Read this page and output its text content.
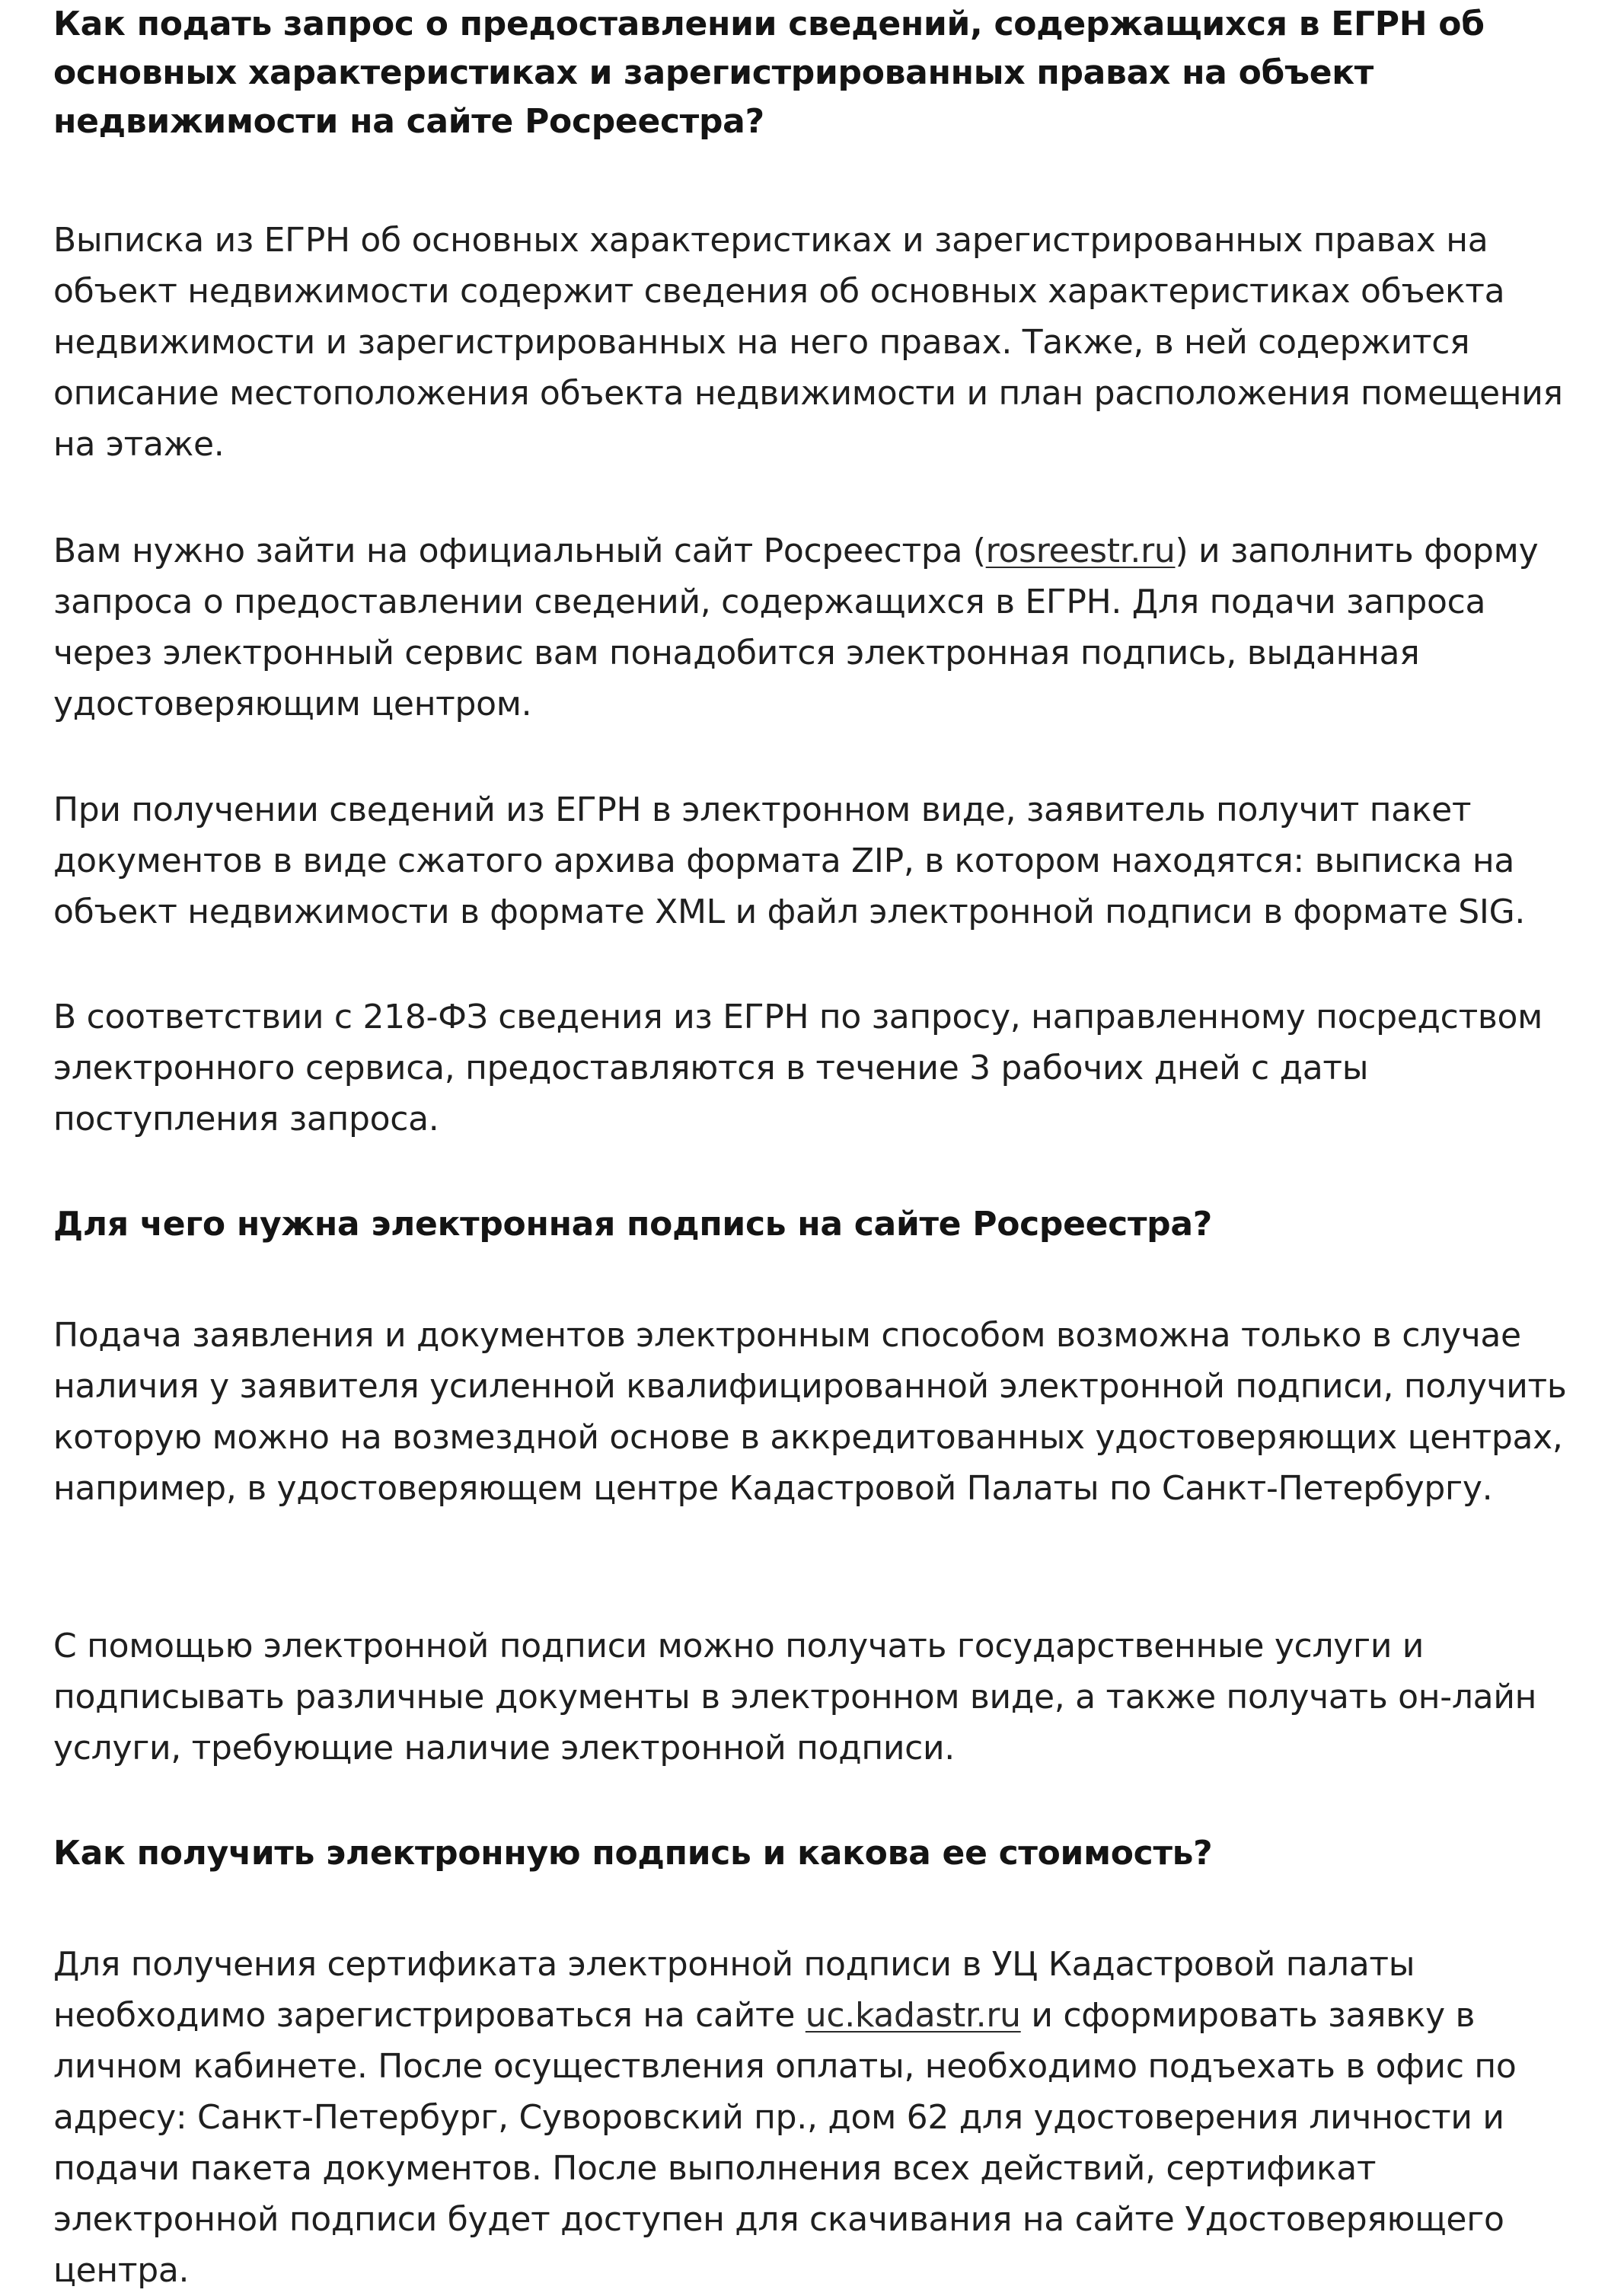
Как подать запрос о предоставлении сведений, содержащихся в ЕГРН об основных характеристиках и зарегистрированных правах на объект недвижимости на сайте Росреестра?

Выписка из ЕГРН об основных характеристиках и зарегистрированных правах на объект недвижимости содержит сведения об основных характеристиках объекта недвижимости и зарегистрированных на него правах. Также, в ней содержится описание местоположения объекта недвижимости и план расположения помещения на этаже.

Вам нужно зайти на официальный сайт Росреестра (rosreestr.ru) и заполнить форму запроса о предоставлении сведений, содержащихся в ЕГРН. Для подачи запроса через электронный сервис вам понадобится электронная подпись, выданная удостоверяющим центром.

При получении сведений из ЕГРН в электронном виде, заявитель получит пакет документов в виде сжатого архива формата ZIP, в котором находятся: выписка на объект недвижимости в формате XML и файл электронной подписи в формате SIG.

В соответствии с 218-ФЗ сведения из ЕГРН по запросу, направленному посредством электронного сервиса, предоставляются в течение 3 рабочих дней с даты поступления запроса.

Для чего нужна электронная подпись на сайте Росреестра?

Подача заявления и документов электронным способом возможна только в случае наличия у заявителя усиленной квалифицированной электронной подписи, получить которую можно на возмездной основе в аккредитованных удостоверяющих центрах, например, в удостоверяющем центре Кадастровой Палаты по Санкт-Петербургу.

С помощью электронной подписи можно получать государственные услуги и подписывать различные документы в электронном виде, а также получать он-лайн услуги, требующие наличие электронной подписи.

Как получить электронную подпись и какова ее стоимость?

Для получения сертификата электронной подписи в УЦ Кадастровой палаты необходимо зарегистрироваться на сайте uc.kadastr.ru и сформировать заявку в личном кабинете. После осуществления оплаты, необходимо подъехать в офис по адресу: Санкт-Петербург, Суворовский пр., дом 62 для удостоверения личности и подачи пакета документов. После выполнения всех действий, сертификат электронной подписи будет доступен для скачивания на сайте Удостоверяющего центра.
